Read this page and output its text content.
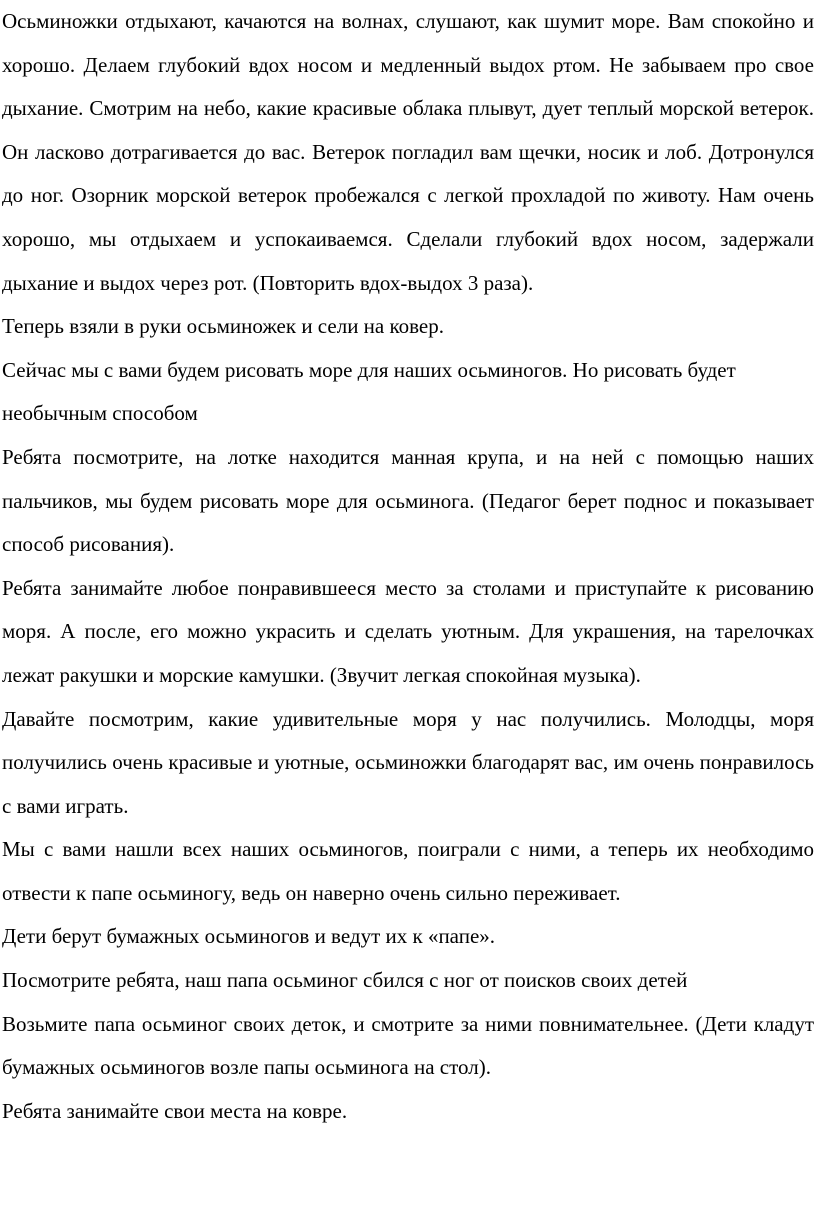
Осьминожки отдыхают, качаются на волнах, слушают, как шумит море. Вам спокойно и хорошо. Делаем глубокий вдох носом и медленный выдох ртом. Не забываем про свое дыхание. Смотрим на небо, какие красивые облака плывут, дует теплый морской ветерок. Он ласково дотрагивается до вас. Ветерок погладил вам щечки, носик и лоб. Дотронулся до ног. Озорник морской ветерок пробежался с легкой прохладой по животу. Нам очень хорошо, мы отдыхаем и успокаиваемся. Сделали глубокий вдох носом, задержали дыхание и выдох через рот. (Повторить вдох-выдох 3 раза).

Теперь взяли в руки осьминожек и сели на ковер.

Сейчас мы с вами будем рисовать море для наших осьминогов. Но рисовать будет необычным способом

Ребята посмотрите, на лотке находится манная крупа, и на ней с помощью наших пальчиков, мы будем рисовать море для осьминога. (Педагог берет поднос и показывает способ рисования).

Ребята занимайте любое понравившееся место за столами и приступайте к рисованию моря. А после, его можно украсить и сделать уютным. Для украшения, на тарелочках лежат ракушки и морские камушки. (Звучит легкая спокойная музыка).

Давайте посмотрим, какие удивительные моря у нас получились. Молодцы, моря получились очень красивые и уютные, осьминожки благодарят вас, им очень понравилось с вами играть.

Мы с вами нашли всех наших осьминогов, поиграли с ними, а теперь их необходимо отвести к папе осьминогу, ведь он наверно очень сильно переживает.

Дети берут бумажных осьминогов и ведут их к «папе».

Посмотрите ребята, наш папа осьминог сбился с ног от поисков своих детей

Возьмите папа осьминог своих деток, и смотрите за ними повнимательнее. (Дети кладут бумажных осьминогов возле папы осьминога на стол).

Ребята занимайте свои места на ковре.
